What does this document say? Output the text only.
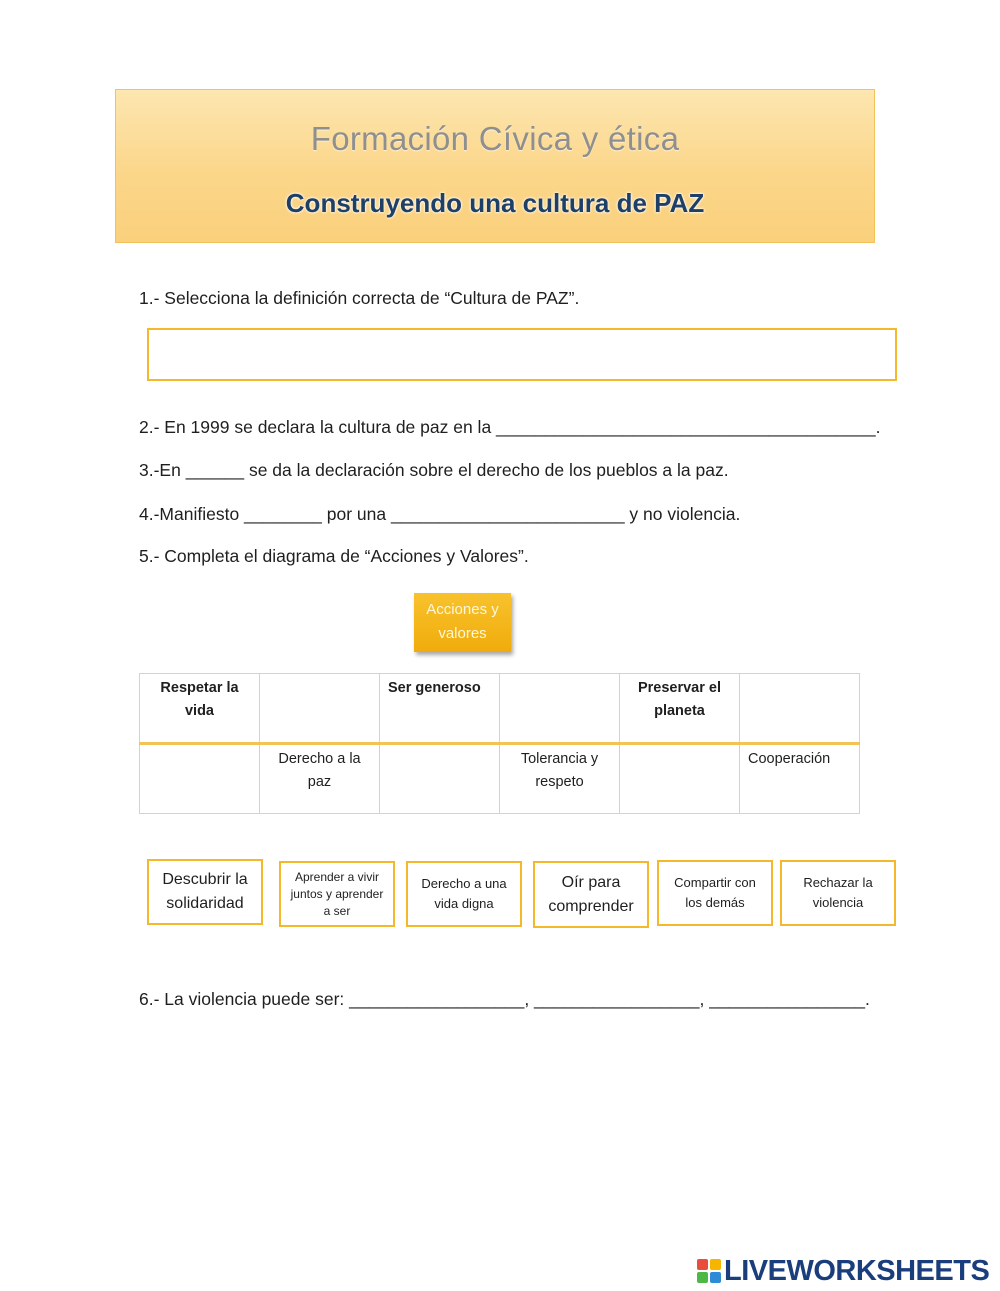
Formación Cívica y ética
Construyendo una cultura de PAZ
1.- Selecciona la definición correcta de “Cultura de PAZ”.
2.- En 1999 se declara la cultura de paz en la _______________________________________.
3.-En ______ se da la declaración sobre el derecho de los pueblos a la paz.
4.-Manifiesto ________ por una ________________________ y no violencia.
5.- Completa el diagrama de “Acciones y Valores”.
Acciones y valores
Respetar la vida		Ser generoso		Preservar el planeta	
	Derecho a la paz		Tolerancia y respeto		Cooperación
Descubrir la solidaridad
Aprender a vivir juntos y aprender a ser
Derecho a una vida digna
Oír para comprender
Compartir con los demás
Rechazar la violencia
6.- La violencia puede ser: __________________, _________________, ________________.
LIVEWORKSHEETS
